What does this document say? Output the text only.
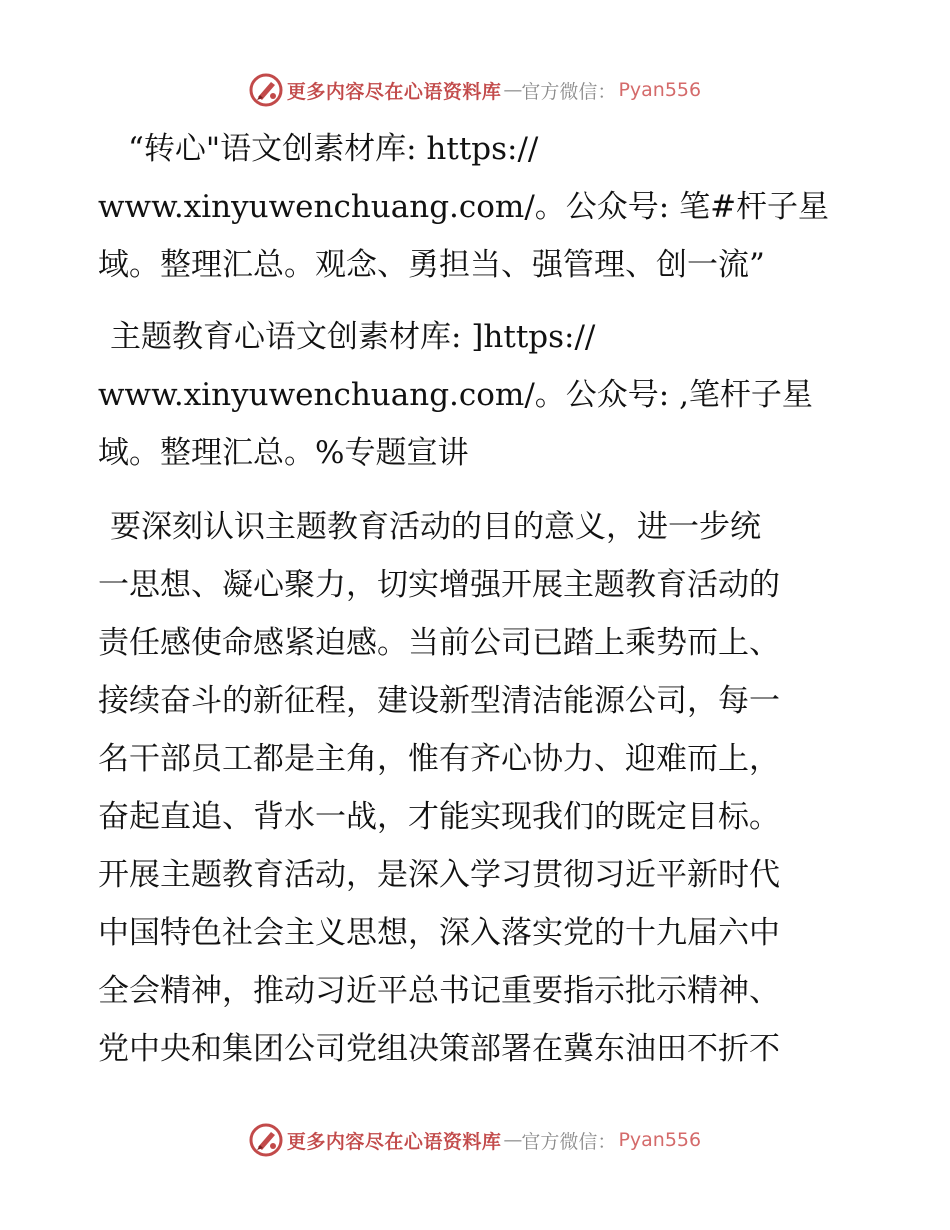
更多内容尽在心语资料库 — 官方微信： Pyan556
“转心"语文创素材库: https://
www.xinyuwenchuang.com/。公众号: 笔#杆子星
域。整理汇总。观念、勇担当、强管理、创一流”
主题教育心语文创素材库: ]https://
www.xinyuwenchuang.com/。公众号: ,笔杆子星
域。整理汇总。%专题宣讲
要深刻认识主题教育活动的目的意义，进一步统
一思想、凝心聚力，切实增强开展主题教育活动的
责任感使命感紧迫感。当前公司已踏上乘势而上、
接续奋斗的新征程，建设新型清洁能源公司，每一
名干部员工都是主角，惟有齐心协力、迎难而上，
奋起直追、背水一战，才能实现我们的既定目标。
开展主题教育活动，是深入学习贯彻习近平新时代
中国特色社会主义思想，深入落实党的十九届六中
全会精神，推动习近平总书记重要指示批示精神、
党中央和集团公司党组决策部署在冀东油田不折不
更多内容尽在心语资料库 — 官方微信： Pyan556
